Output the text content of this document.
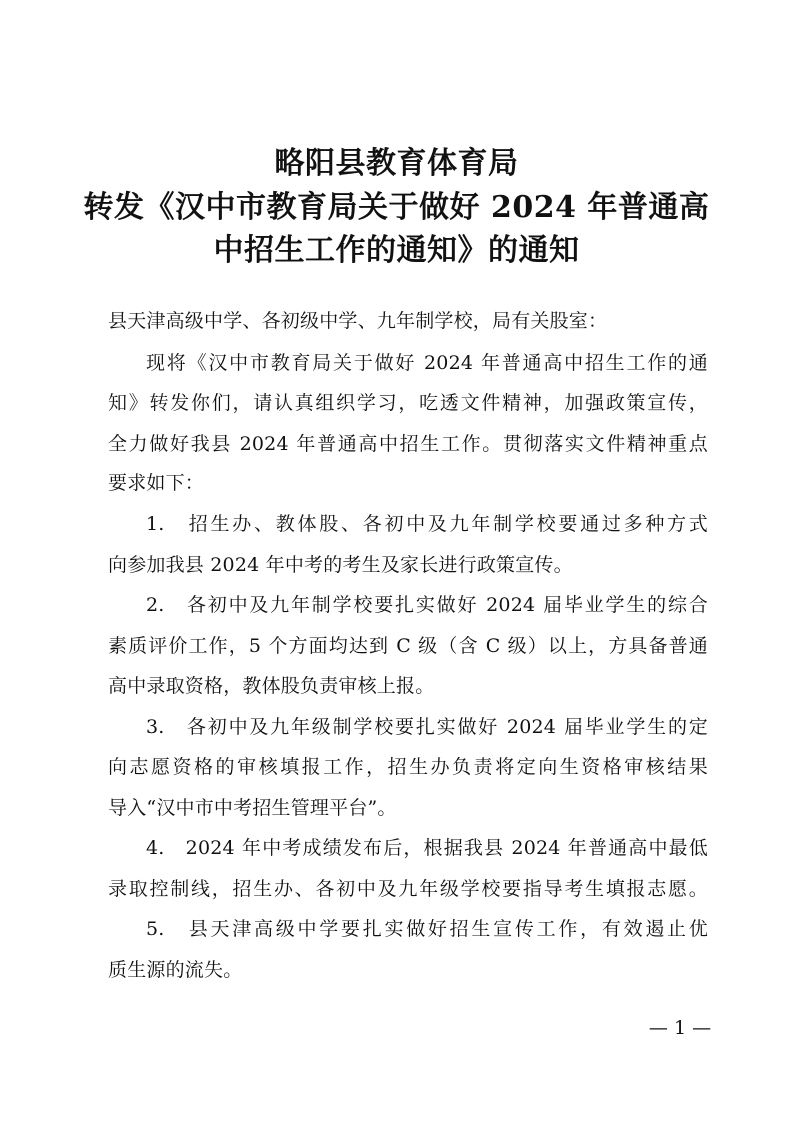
略阳县教育体育局
转发《汉中市教育局关于做好 2024 年普通高
中招生工作的通知》的通知
县天津高级中学、各初级中学、九年制学校，局有关股室：
现将《汉中市教育局关于做好 2024 年普通高中招生工作的通
知》转发你们，请认真组织学习，吃透文件精神，加强政策宣传，
全力做好我县 2024 年普通高中招生工作。贯彻落实文件精神重点
要求如下：
1.　招生办、教体股、各初中及九年制学校要通过多种方式
向参加我县 2024 年中考的考生及家长进行政策宣传。
2.　各初中及九年制学校要扎实做好 2024 届毕业学生的综合
素质评价工作，5 个方面均达到 C 级（含 C 级）以上，方具备普通
高中录取资格，教体股负责审核上报。
3.　各初中及九年级制学校要扎实做好 2024 届毕业学生的定
向志愿资格的审核填报工作，招生办负责将定向生资格审核结果
导入“汉中市中考招生管理平台”。
4.　2024 年中考成绩发布后，根据我县 2024 年普通高中最低
录取控制线，招生办、各初中及九年级学校要指导考生填报志愿。
5.　县天津高级中学要扎实做好招生宣传工作，有效遏止优
质生源的流失。
— 1 —
